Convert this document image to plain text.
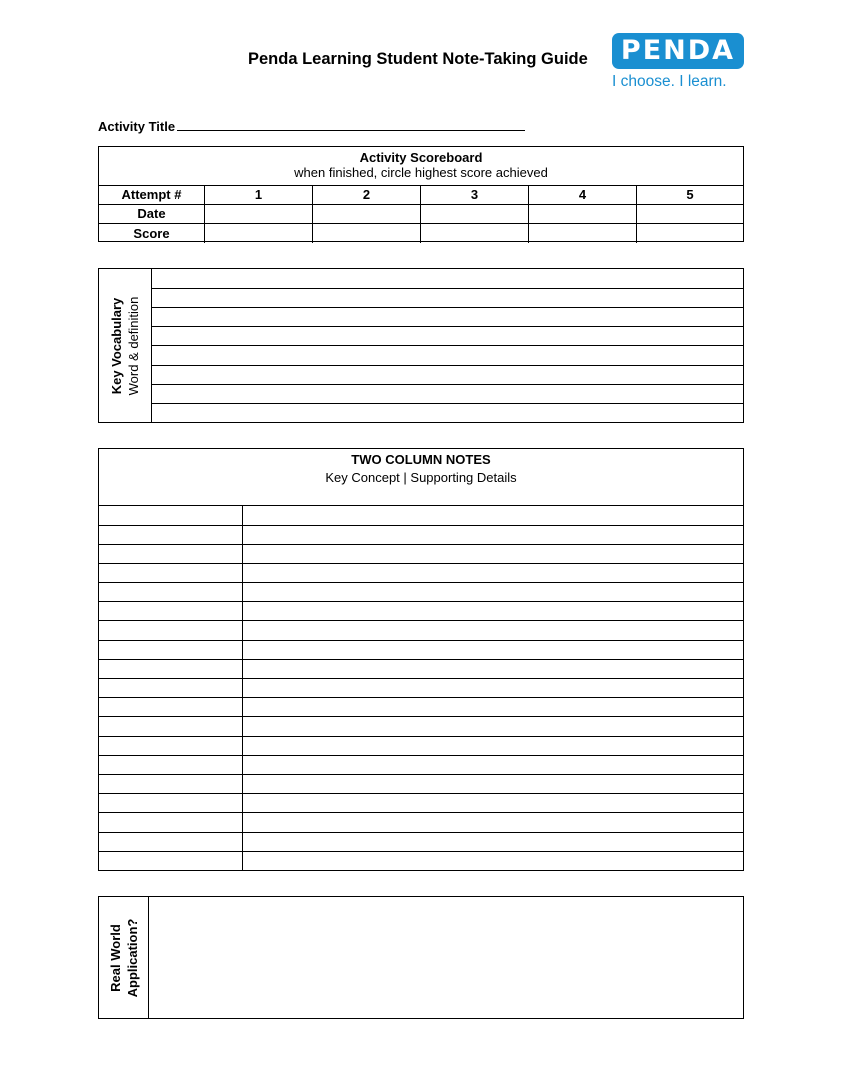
Penda Learning Student Note-Taking Guide	PENDA
I choose. I learn.
Activity Title
Activity Scoreboard
when finished, circle highest score achieved
Attempt #	1	2	3	4	5
Date
Score
Key Vocabulary Word & definition
TWO COLUMN NOTES
Key Concept | Supporting Details
Real World Application?
